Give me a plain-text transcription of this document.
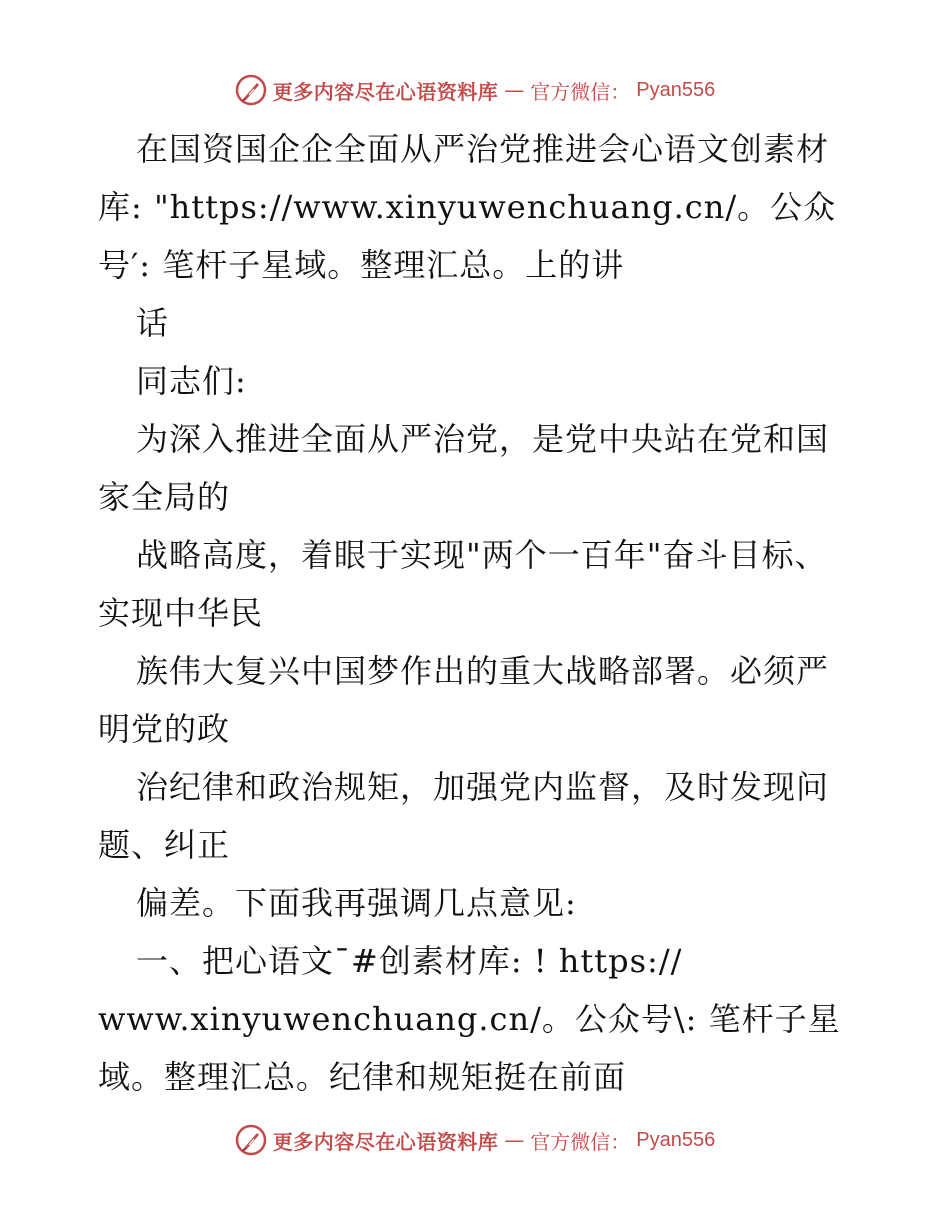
更多内容尽在心语资料库 — 官方微信： Pyan556
在国资国企企全面从严治党推进会心语文创素材
库: "https://www.xinyuwenchuang.cn/。公众
号′: 笔杆子星域。整理汇总。上的讲
话
同志们:
为深入推进全面从严治党，是党中央站在党和国
家全局的
战略高度，着眼于实现"两个一百年"奋斗目标、
实现中华民
族伟大复兴中国梦作出的重大战略部署。必须严
明党的政
治纪律和政治规矩，加强党内监督，及时发现问
题、纠正
偏差。下面我再强调几点意见:
一、把心语文¯#创素材库: ! https://
www.xinyuwenchuang.cn/。公众号\: 笔杆子星
域。整理汇总。纪律和规矩挺在前面
更多内容尽在心语资料库 — 官方微信： Pyan556
